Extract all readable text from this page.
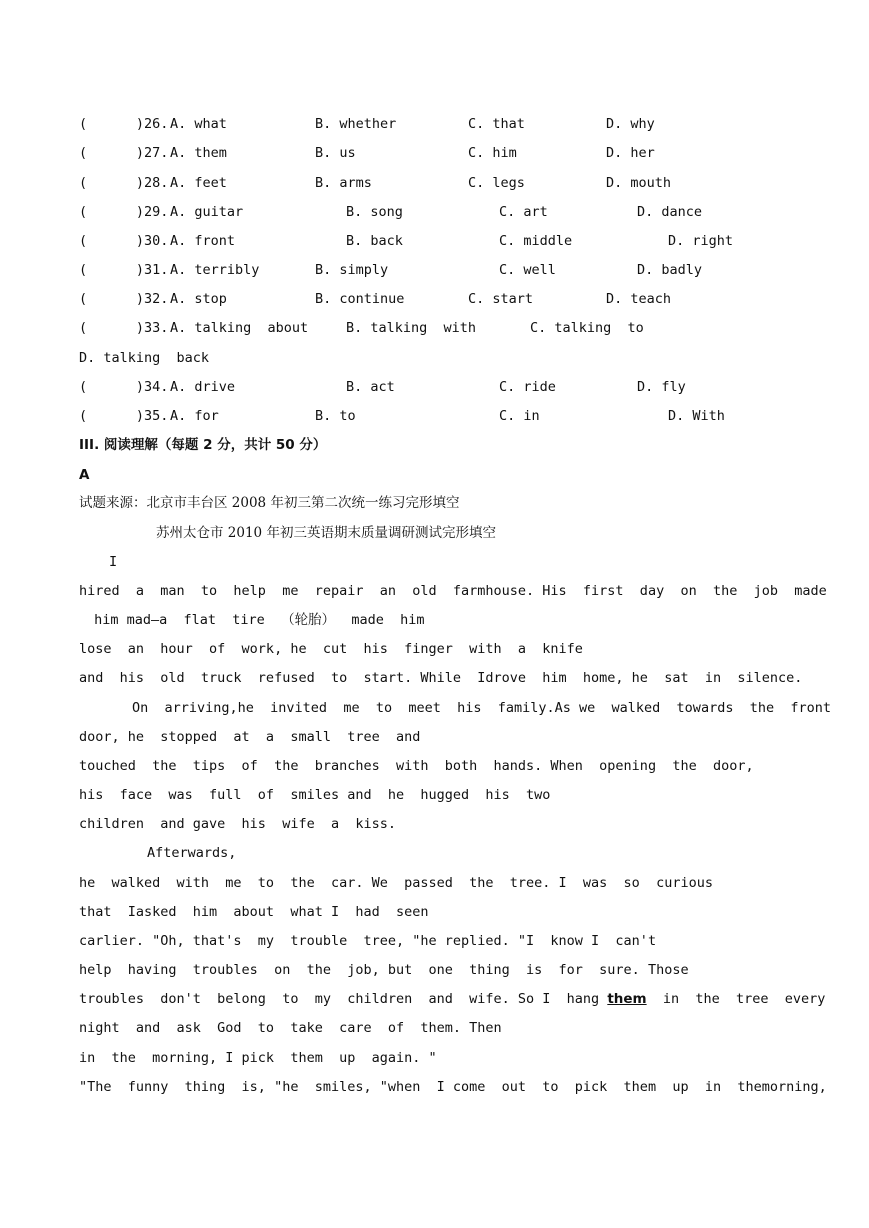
(      )26. A. what	B. whether	C. that	D. why
(      )27. A. them	B. us	C. him	D. her
(      )28. A. feet	B. arms	C. legs	D. mouth
(      )29. A. guitar	B. song	C. art	D. dance
(      )30. A. front	B. back	C. middle	D. right
(      )31. A. terribly	B. simply	C. well	D. badly
(      )32. A. stop	B. continue	C. start	D. teach
(      )33. A. talking  about	B. talking  with	C. talking  to
D. talking  back
(      )34. A. drive	B. act	C. ride	D. fly
(      )35. A. for	B. to	C. in	D. With
III. 阅读理解（每题 2 分，共计 50 分）
A
试题来源：北京市丰台区 2008 年初三第二次统一练习完形填空
苏州太仓市 2010 年初三英语期末质量调研测试完形填空
I
hired  a  man  to  help  me  repair  an  old  farmhouse. His  first  day  on  the  job  made
him mad—a  flat  tire  （轮胎）  made  him
lose  an  hour  of  work, he  cut  his  finger  with  a  knife
and  his  old  truck  refused  to  start. While  Idrove  him  home, he  sat  in  silence.
On  arriving,he  invited  me  to  meet  his  family.As we  walked  towards  the  front
door, he  stopped  at  a  small  tree  and
touched  the  tips  of  the  branches  with  both  hands. When  opening  the  door,
his  face  was  full  of  smiles and  he  hugged  his  two
children  and gave  his  wife  a  kiss.
Afterwards,
he  walked  with  me  to  the  car. We  passed  the  tree. I  was  so  curious
that  Iasked  him  about  what I  had  seen
carlier. "Oh, that's  my  trouble  tree, "he replied. "I  know I  can't
help  having  troubles  on  the  job, but  one  thing  is  for  sure. Those
troubles  don't  belong  to  my  children  and  wife. So I  hang them  in  the  tree  every
night  and  ask  God  to  take  care  of  them. Then
in  the  morning, I pick  them  up  again. "
"The  funny  thing  is, "he  smiles, "when  I come  out  to  pick  them  up  in  themorning,
